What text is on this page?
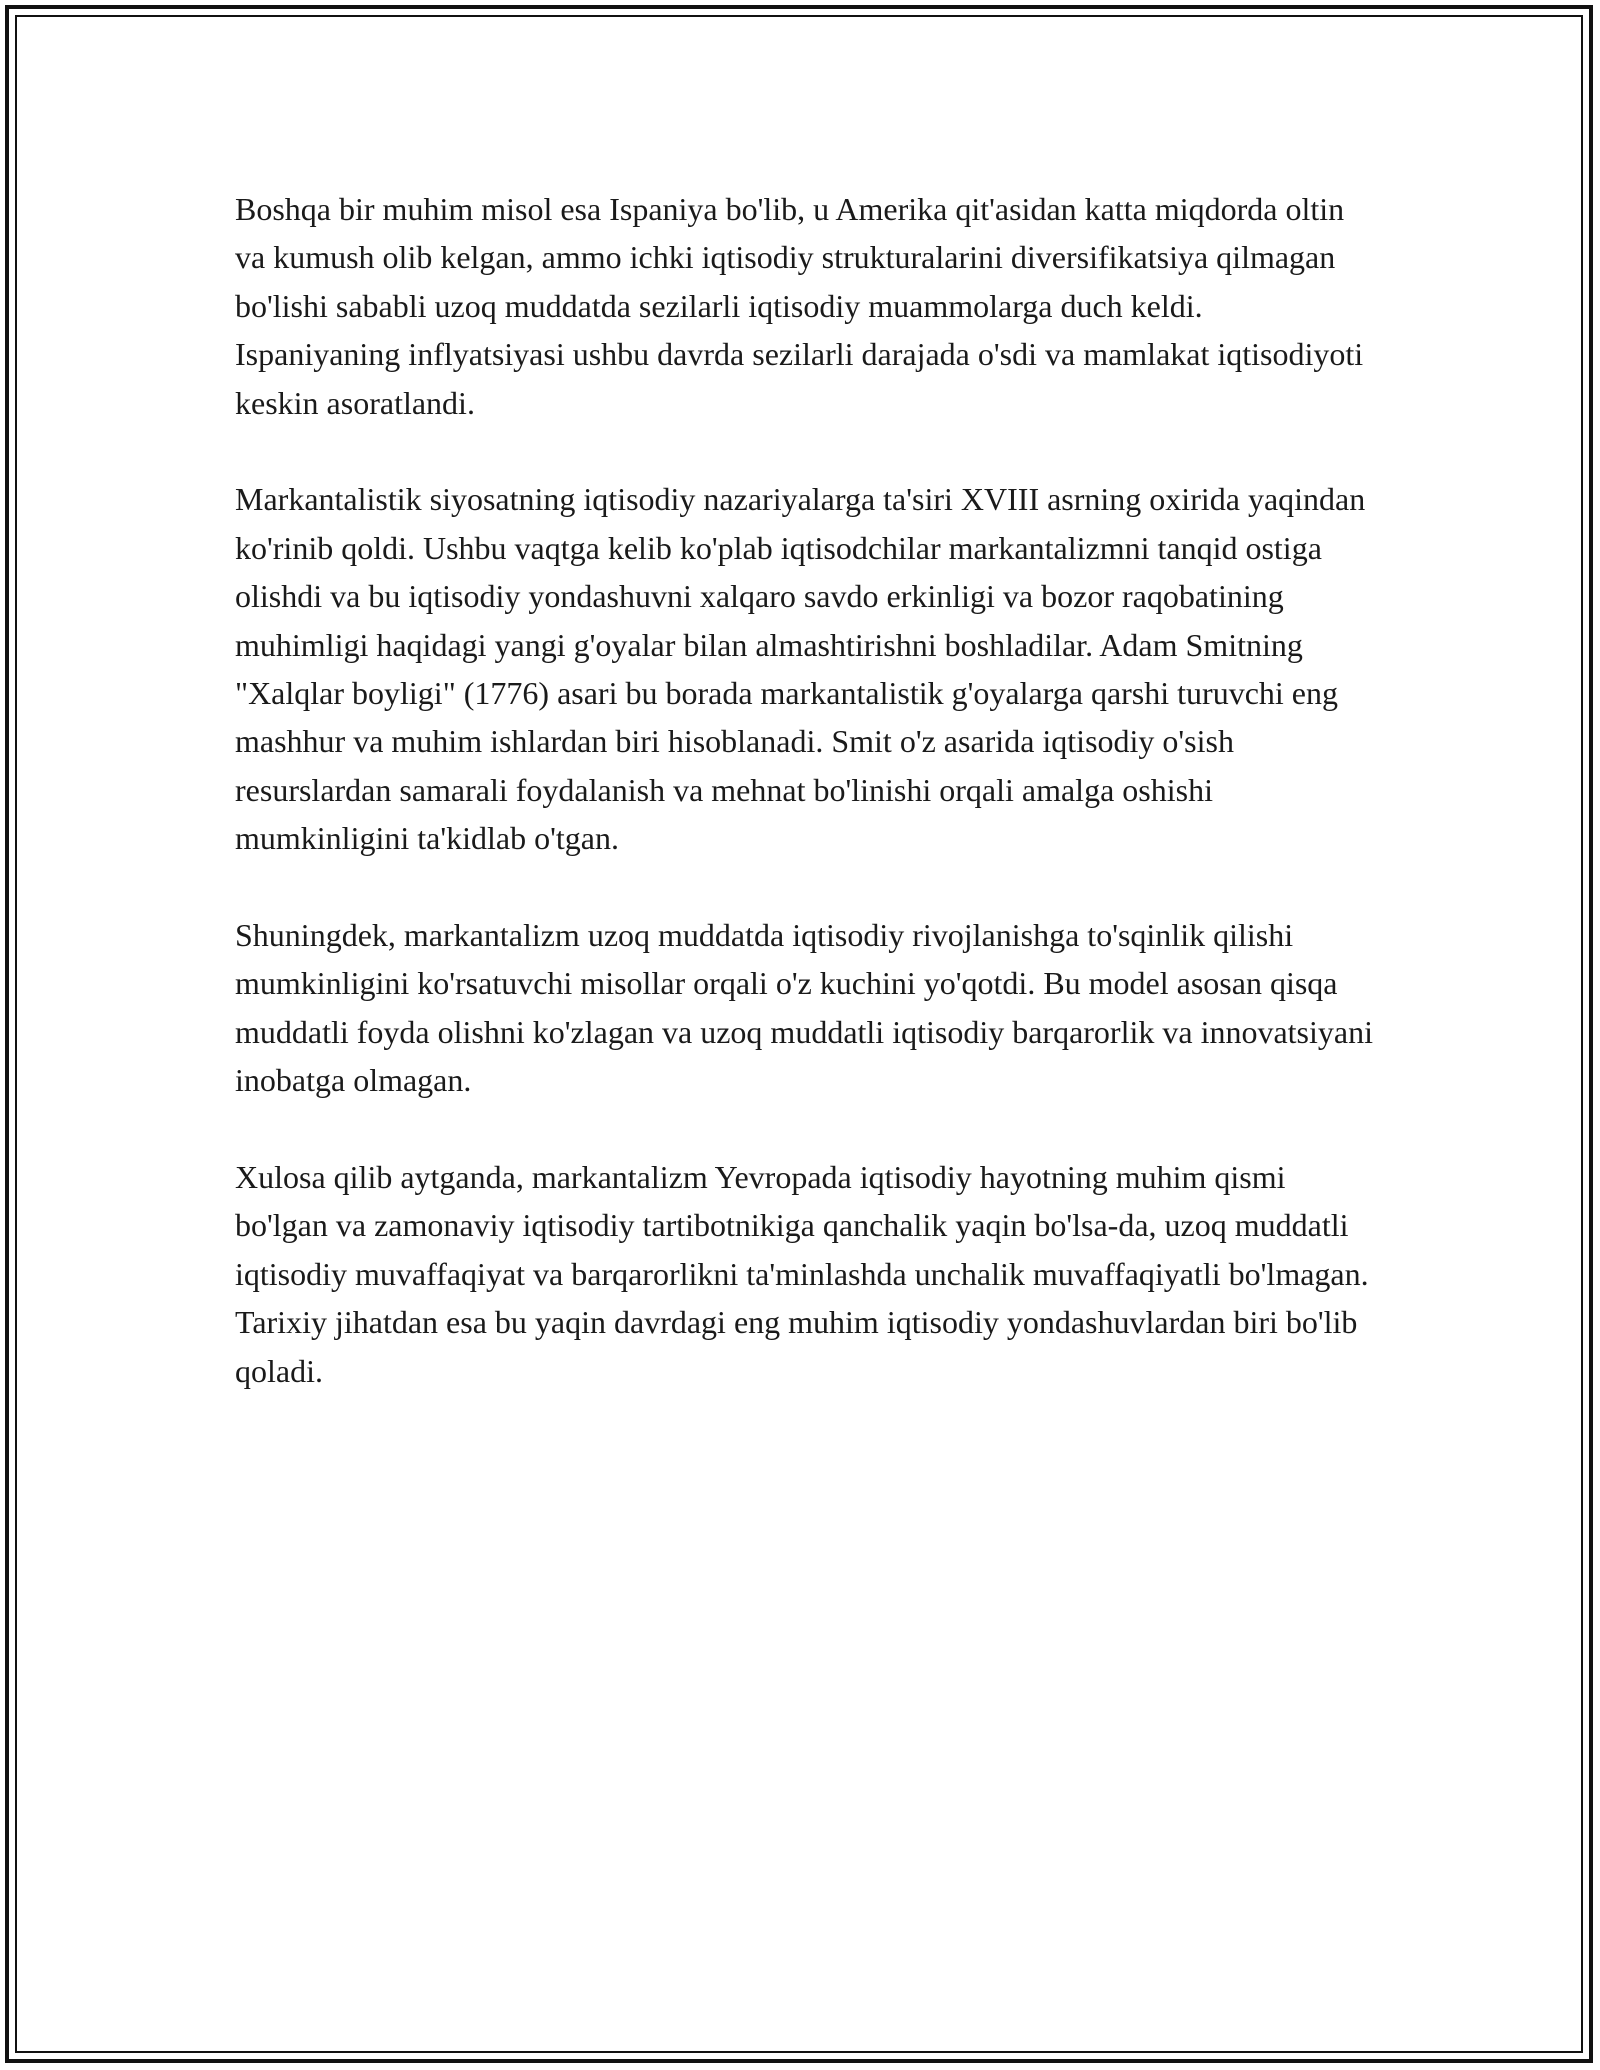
Boshqa bir muhim misol esa Ispaniya bo'lib, u Amerika qit'asidan katta miqdorda oltin va kumush olib kelgan, ammo ichki iqtisodiy strukturalarini diversifikatsiya qilmagan bo'lishi sababli uzoq muddatda sezilarli iqtisodiy muammolarga duch keldi. Ispaniyaning inflyatsiyasi ushbu davrda sezilarli darajada o'sdi va mamlakat iqtisodiyoti keskin asoratlandi.

Markantalistik siyosatning iqtisodiy nazariyalarga ta'siri XVIII asrning oxirida yaqindan ko'rinib qoldi. Ushbu vaqtga kelib ko'plab iqtisodchilar markantalizmni tanqid ostiga olishdi va bu iqtisodiy yondashuvni xalqaro savdo erkinligi va bozor raqobatining muhimligi haqidagi yangi g'oyalar bilan almashtirishni boshladilar. Adam Smitning "Xalqlar boyligi" (1776) asari bu borada markantalistik g'oyalarga qarshi turuvchi eng mashhur va muhim ishlardan biri hisoblanadi. Smit o'z asarida iqtisodiy o'sish resurslardan samarali foydalanish va mehnat bo'linishi orqali amalga oshishi mumkinligini ta'kidlab o'tgan.

Shuningdek, markantalizm uzoq muddatda iqtisodiy rivojlanishga to'sqinlik qilishi mumkinligini ko'rsatuvchi misollar orqali o'z kuchini yo'qotdi. Bu model asosan qisqa muddatli foyda olishni ko'zlagan va uzoq muddatli iqtisodiy barqarorlik va innovatsiyani inobatga olmagan.

Xulosa qilib aytganda, markantalizm Yevropada iqtisodiy hayotning muhim qismi bo'lgan va zamonaviy iqtisodiy tartibotnikiga qanchalik yaqin bo'lsa-da, uzoq muddatli iqtisodiy muvaffaqiyat va barqarorlikni ta'minlashda unchalik muvaffaqiyatli bo'lmagan. Tarixiy jihatdan esa bu yaqin davrdagi eng muhim iqtisodiy yondashuvlardan biri bo'lib qoladi.
